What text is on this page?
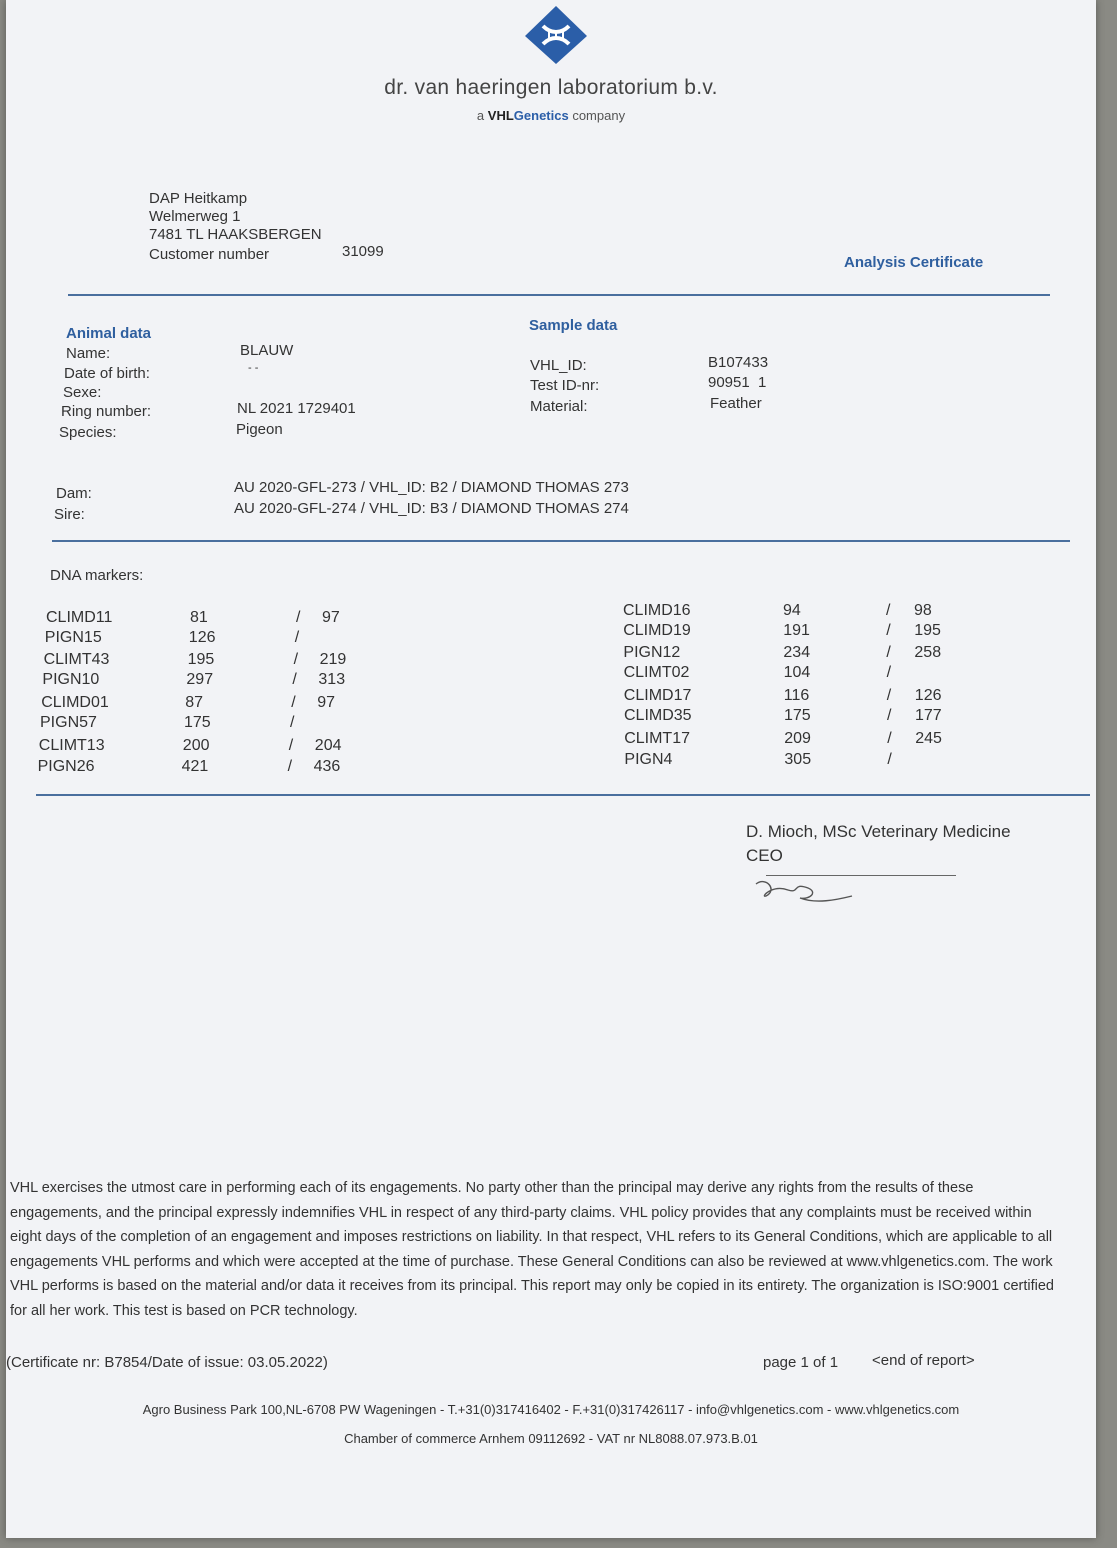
dr. van haeringen laboratorium b.v.
a VHLGenetics company
DAP Heitkamp
Welmerweg 1
7481 TL HAAKSBERGEN
Customer number	31099
Analysis Certificate
Animal data
Name:	BLAUW
Date of birth:	- -
Sexe:
Ring number:	NL 2021 1729401
Species:	Pigeon
Sample data
VHL_ID:	B107433
Test ID-nr:	90951  1
Material:	Feather
Dam:	AU 2020-GFL-273 / VHL_ID: B2 / DIAMOND THOMAS 273
Sire:	AU 2020-GFL-274 / VHL_ID: B3 / DIAMOND THOMAS 274
DNA markers:
CLIMD11	81	/ 97
PIGN15	126	/
CLIMT43	195	/ 219
PIGN10	297	/ 313
CLIMD01	87	/ 97
PIGN57	175	/
CLIMT13	200	/ 204
PIGN26	421	/ 436
CLIMD16	94	/ 98
CLIMD19	191	/ 195
PIGN12	234	/ 258
CLIMT02	104	/
CLIMD17	116	/ 126
CLIMD35	175	/ 177
CLIMT17	209	/ 245
PIGN4	305	/
D. Mioch, MSc Veterinary Medicine
CEO
VHL exercises the utmost care in performing each of its engagements. No party other than the principal may derive any rights from the results of these engagements, and the principal expressly indemnifies VHL in respect of any third-party claims. VHL policy provides that any complaints must be received within eight days of the completion of an engagement and imposes restrictions on liability. In that respect, VHL refers to its General Conditions, which are applicable to all engagements VHL performs and which were accepted at the time of purchase. These General Conditions can also be reviewed at www.vhlgenetics.com. The work VHL performs is based on the material and/or data it receives from its principal. This report may only be copied in its entirety. The organization is ISO:9001 certified for all her work. This test is based on PCR technology.
(Certificate nr: B7854/Date of issue: 03.05.2022)	page 1 of 1 <end of report>
Agro Business Park 100,NL-6708 PW Wageningen - T.+31(0)317416402 - F.+31(0)317426117 - info@vhlgenetics.com - www.vhlgenetics.com
Chamber of commerce Arnhem 09112692 - VAT nr NL8088.07.973.B.01
